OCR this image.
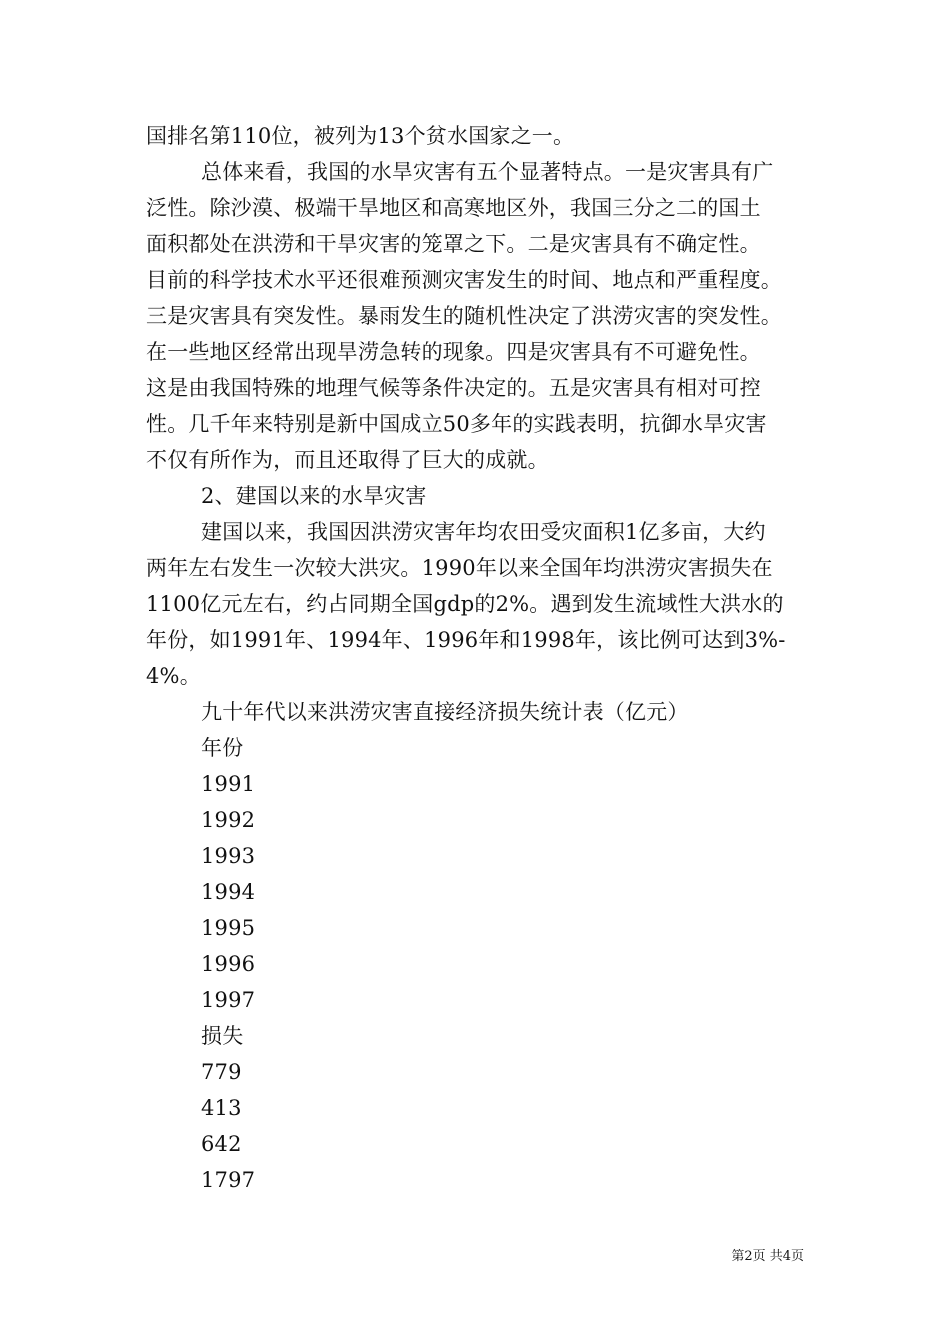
国排名第110位，被列为13个贫水国家之一。
总体来看，我国的水旱灾害有五个显著特点。一是灾害具有广
泛性。除沙漠、极端干旱地区和高寒地区外，我国三分之二的国土
面积都处在洪涝和干旱灾害的笼罩之下。二是灾害具有不确定性。
目前的科学技术水平还很难预测灾害发生的时间、地点和严重程度。
三是灾害具有突发性。暴雨发生的随机性决定了洪涝灾害的突发性。
在一些地区经常出现旱涝急转的现象。四是灾害具有不可避免性。
这是由我国特殊的地理气候等条件决定的。五是灾害具有相对可控
性。几千年来特别是新中国成立50多年的实践表明，抗御水旱灾害
不仅有所作为，而且还取得了巨大的成就。
2、建国以来的水旱灾害
建国以来，我国因洪涝灾害年均农田受灾面积1亿多亩，大约
两年左右发生一次较大洪灾。1990年以来全国年均洪涝灾害损失在
1100亿元左右，约占同期全国gdp的2%。遇到发生流域性大洪水的
年份，如1991年、1994年、1996年和1998年，该比例可达到3%-
4%。
九十年代以来洪涝灾害直接经济损失统计表（亿元）
年份
1991
1992
1993
1994
1995
1996
1997
损失
779
413
642
1797
第2页 共4页
